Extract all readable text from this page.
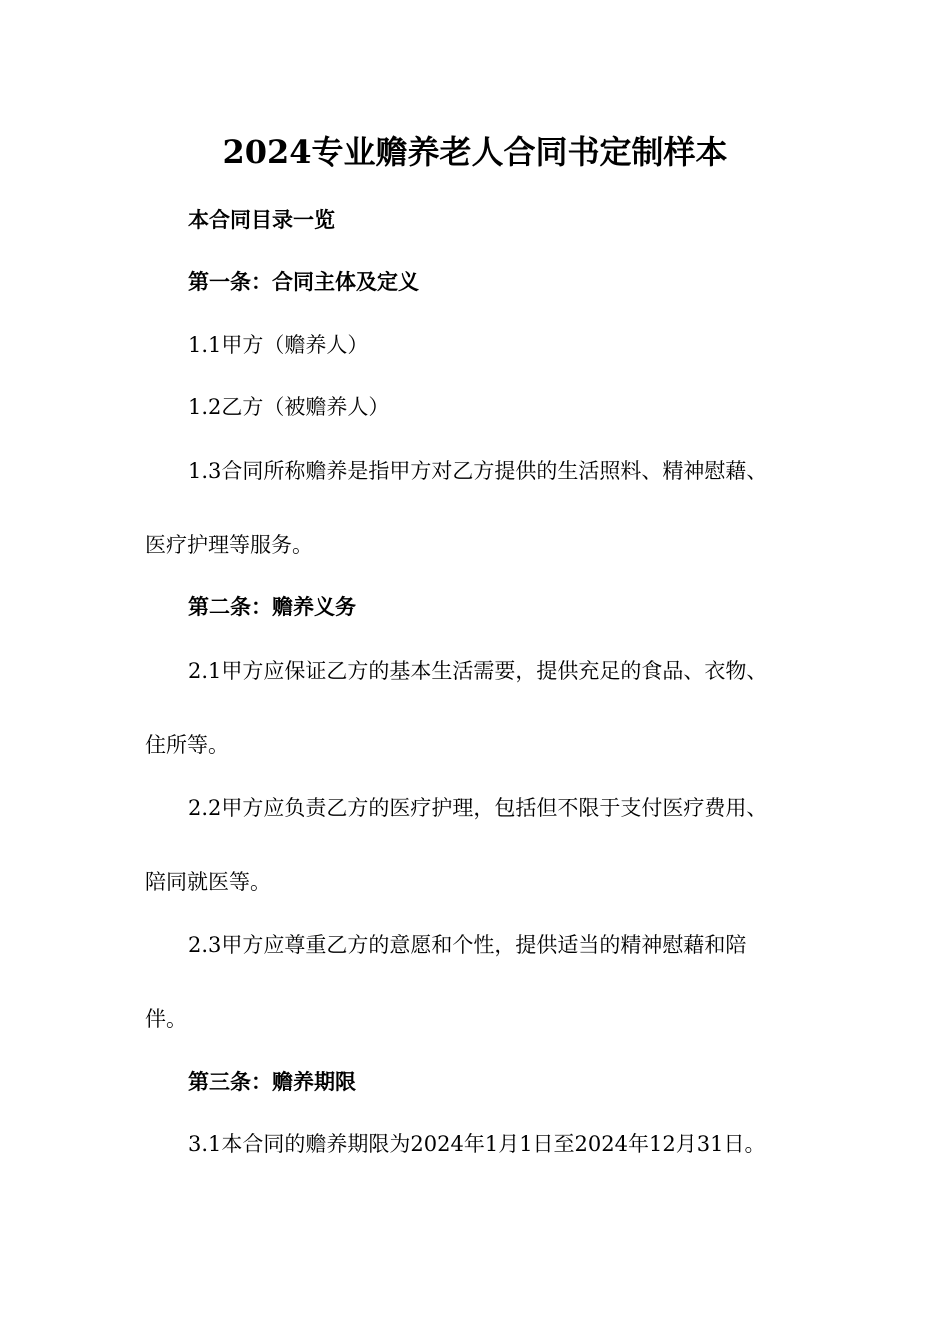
2024专业赡养老人合同书定制样本

本合同目录一览

第一条：合同主体及定义

1.1甲方（赡养人）

1.2乙方（被赡养人）

1.3合同所称赡养是指甲方对乙方提供的生活照料、精神慰藉、

医疗护理等服务。

第二条：赡养义务

2.1甲方应保证乙方的基本生活需要，提供充足的食品、衣物、

住所等。

2.2甲方应负责乙方的医疗护理，包括但不限于支付医疗费用、

陪同就医等。

2.3甲方应尊重乙方的意愿和个性，提供适当的精神慰藉和陪

伴。

第三条：赡养期限

3.1本合同的赡养期限为2024年1月1日至2024年12月31日。
